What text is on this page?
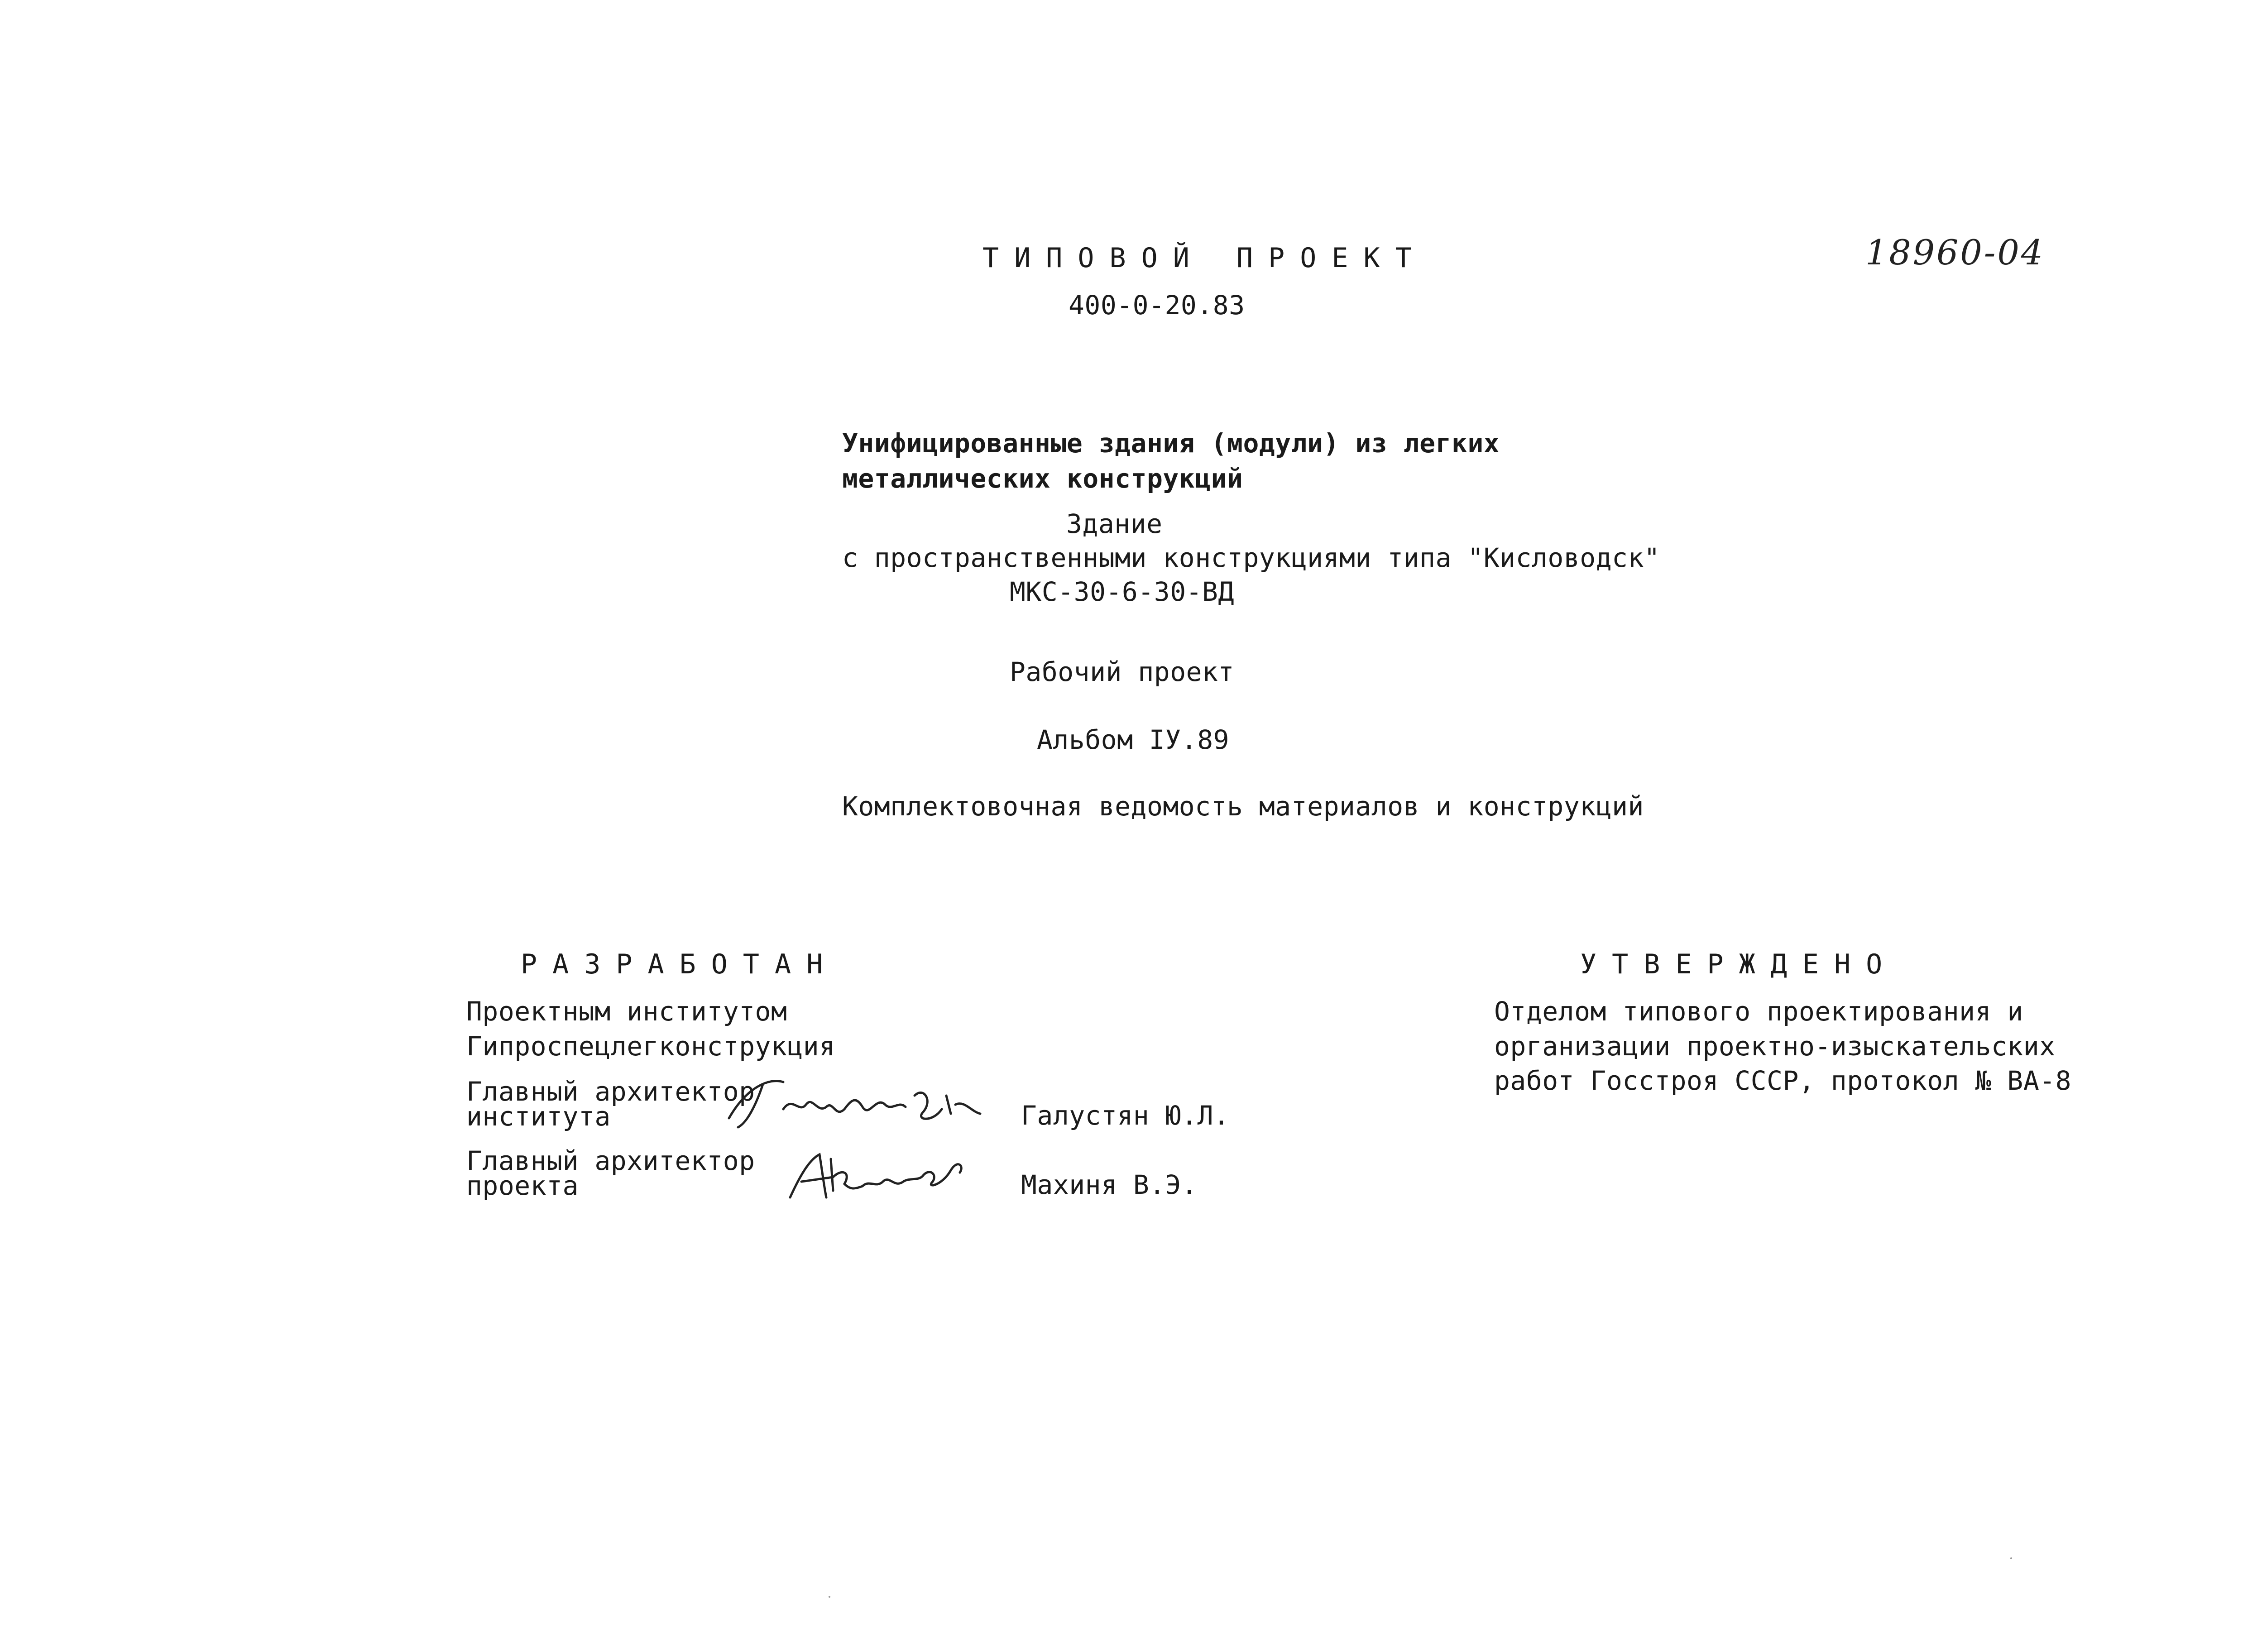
ТИПОВОЙ ПРОЕКТ
400-0-20.83
18960-04
Унифицированные здания (модули) из легких
металлических конструкций
Здание
с пространственными конструкциями типа "Кисловодск"
МКС-30-6-30-ВД
Рабочий проект
Альбом IУ.89
Комплектовочная ведомость материалов и конструкций
РАЗРАБОТАН
Проектным институтом
Гипроспецлегконструкция
Главный архитектор
института	Галустян Ю.Л.
Главный архитектор
проекта	Махиня В.Э.
УТВЕРЖДЕНО
Отделом типового проектирования и
организации проектно-изыскательских
работ Госстроя СССР, протокол № ВА-8
